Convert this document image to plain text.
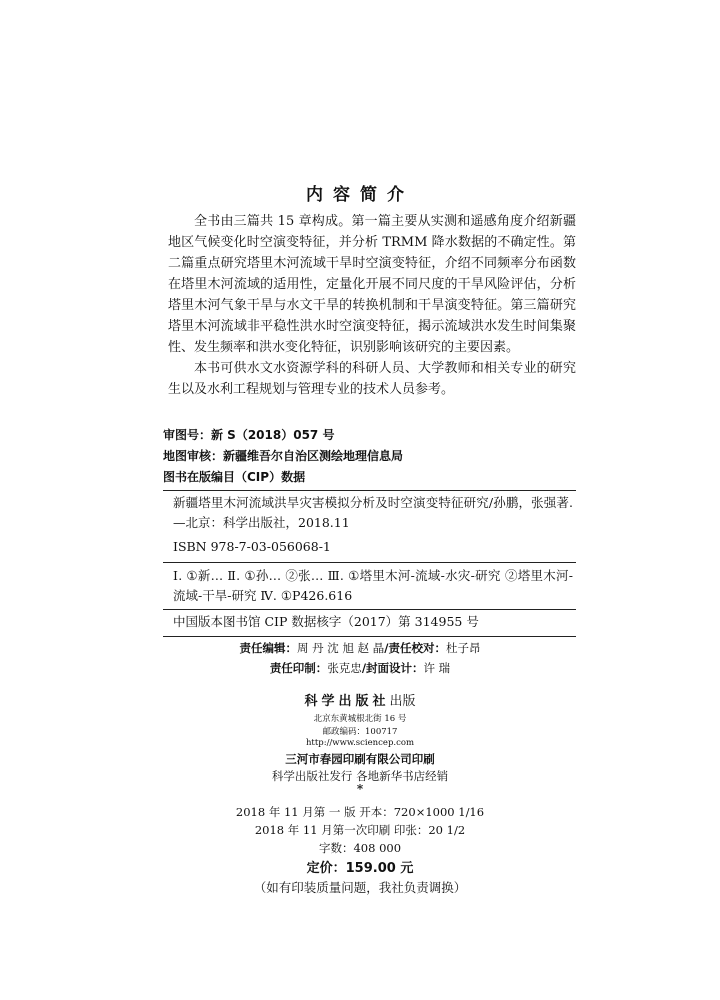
内容简介

全书由三篇共 15 章构成。第一篇主要从实测和遥感角度介绍新疆地区气候变化时空演变特征，并分析 TRMM 降水数据的不确定性。第二篇重点研究塔里木河流域干旱时空演变特征，介绍不同频率分布函数在塔里木河流域的适用性，定量化开展不同尺度的干旱风险评估，分析塔里木河气象干旱与水文干旱的转换机制和干旱演变特征。第三篇研究塔里木河流域非平稳性洪水时空演变特征，揭示流域洪水发生时间集聚性、发生频率和洪水变化特征，识别影响该研究的主要因素。

本书可供水文水资源学科的科研人员、大学教师和相关专业的研究生以及水利工程规划与管理专业的技术人员参考。

审图号：新 S（2018）057 号
地图审核：新疆维吾尔自治区测绘地理信息局
图书在版编目（CIP）数据

新疆塔里木河流域洪旱灾害模拟分析及时空演变特征研究/孙鹏，张强著. —北京：科学出版社，2018.11

ISBN 978-7-03-056068-1

Ⅰ. ①新… Ⅱ. ①孙… ②张… Ⅲ. ①塔里木河-流域-水灾-研究 ②塔里木河-流域-干旱-研究 Ⅳ. ①P426.616

中国版本图书馆 CIP 数据核字（2017）第 314955 号

责任编辑：周 丹 沈 旭 赵 晶/责任校对：杜子昂
责任印制：张克忠/封面设计：许 瑞
科学出版社出版
北京东黄城根北街 16 号
邮政编码：100717
http://www.sciencep.com
三河市春园印刷有限公司印刷
科学出版社发行 各地新华书店经销
*
2018 年 11 月第 一 版 开本：720×1000 1/16
2018 年 11 月第一次印刷 印张：20 1/2
字数：408 000
定价：159.00 元
（如有印装质量问题，我社负责调换）
